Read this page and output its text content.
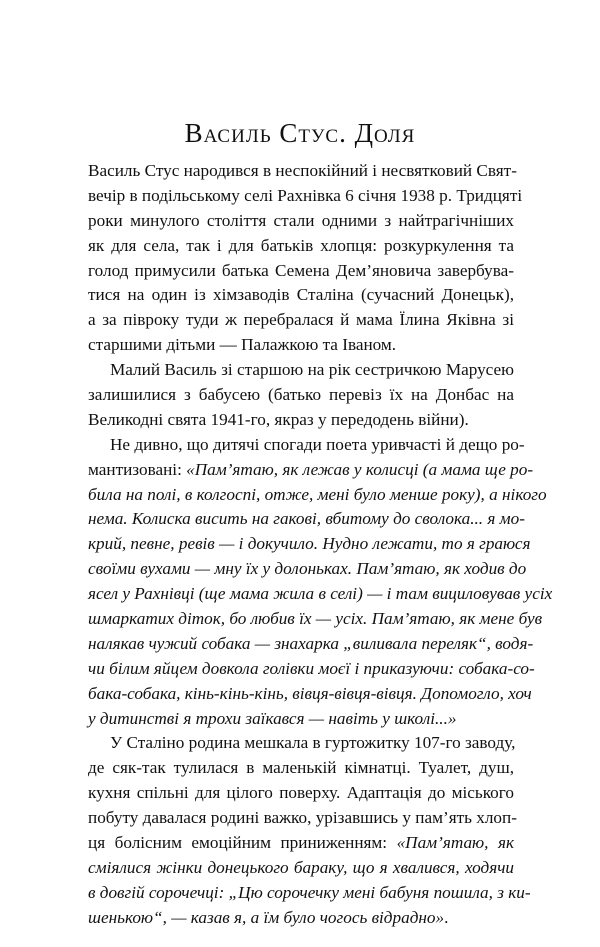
Василь Стус. Доля
Василь Стус народився в неспокійний і несвятковий Свят-
вечір в подільському селі Рахнівка 6 січня 1938 р. Тридцяті
роки минулого століття стали одними з найтрагічніших
як для села, так і для батьків хлопця: розкуркулення та
голод примусили батька Семена Дем’яновича завербува-
тися на один із хімзаводів Сталіна (сучасний Донецьк),
а за півроку туди ж перебралася й мама Їлина Яківна зі
старшими дітьми — Палажкою та Іваном.
Малий Василь зі старшою на рік сестричкою Марусею
залишилися з бабусею (батько перевіз їх на Донбас на
Великодні свята 1941-го, якраз у передодень війни).
Не дивно, що дитячі спогади поета уривчасті й дещо ро-
мантизовані: «Пам’ятаю, як лежав у колисці (а мама ще ро-
била на полі, в колгоспі, отже, мені було менше року), а нікого
нема. Колиска висить на гакові, вбитому до сволока... я мо-
крий, певне, ревів — і докучило. Нудно лежати, то я граюся
своїми вухами — мну їх у долоньках. Пам’ятаю, як ходив до
ясел у Рахнівці (ще мама жила в селі) — і там вициловував усіх
шмаркатих діток, бо любив їх — усіх. Пам’ятаю, як мене був
налякав чужий собака — знахарка „виливала переляк“, водя-
чи білим яйцем довкола голівки моєї і приказуючи: собака-со-
бака-собака, кінь-кінь-кінь, вівця-вівця-вівця. Допомогло, хоч
у дитинстві я трохи заїкався — навіть у школі...»
У Сталіно родина мешкала в гуртожитку 107-го заводу,
де сяк-так тулилася в маленькій кімнатці. Туалет, душ,
кухня спільні для цілого поверху. Адаптація до міського
побуту давалася родині важко, урізавшись у пам’ять хлоп-
ця болісним емоційним приниженням: «Пам’ятаю, як
сміялися жінки донецького бараку, що я хвалився, ходячи
в довгій сорочечці: „Цю сорочечку мені бабуня пошила, з ки-
шенькою“, — казав я, а їм було чогось відрадно».
